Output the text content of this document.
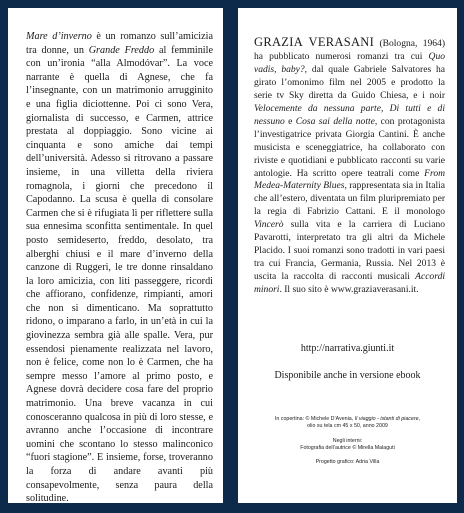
Mare d’inverno è un romanzo sull’amicizia tra donne, un Grande Freddo al femminile con un’ironia “alla Almodóvar”. La voce narrante è quella di Agnese, che fa l’insegnante, con un matrimonio arrugginito e una figlia diciottenne. Poi ci sono Vera, giornalista di successo, e Carmen, attrice prestata al doppiaggio. Sono vicine ai cinquanta e sono amiche dai tempi dell’università. Adesso si ritrovano a passare insieme, in una villetta della riviera romagnola, i giorni che precedono il Capodanno. La scusa è quella di consolare Carmen che si è rifugiata lì per riflettere sulla sua ennesima sconfitta sentimentale. In quel posto semideserto, freddo, desolato, tra alberghi chiusi e il mare d’inverno della canzone di Ruggeri, le tre donne rinsaldano la loro amicizia, con liti passeggere, ricordi che affiorano, confidenze, rimpianti, amori che non si dimenticano. Ma soprattutto ridono, o imparano a farlo, in un’età in cui la giovinezza sembra già alle spalle. Vera, pur essendosi pienamente realizzata nel lavoro, non è felice, come non lo è Carmen, che ha sempre messo l’amore al primo posto, e Agnese dovrà decidere cosa fare del proprio matrimonio. Una breve vacanza in cui conosceranno qualcosa in più di loro stesse, e avranno anche l’occasione di incontrare uomini che scontano lo stesso malinconico “fuori stagione”. E insieme, forse, troveranno la forza di andare avanti più consapevolmente, senza paura della solitudine.

GRAZIA VERASANI (Bologna, 1964) ha pubblicato numerosi romanzi tra cui Quo vadis, baby?, dal quale Gabriele Salvatores ha girato l’omonimo film nel 2005 e prodotto la serie tv Sky diretta da Guido Chiesa, e i noir Velocemente da nessuna parte, Di tutti e di nessuno e Cosa sai della notte, con protagonista l’investigatrice privata Giorgia Cantini. È anche musicista e sceneggiatrice, ha collaborato con riviste e quotidiani e pubblicato racconti su varie antologie. Ha scritto opere teatrali come From Medea-Maternity Blues, rappresentata sia in Italia che all’estero, diventata un film pluripremiato per la regia di Fabrizio Cattani. E il monologo Vincerò sulla vita e la carriera di Luciano Pavarotti, interpretato tra gli altri da Michele Placido. I suoi romanzi sono tradotti in vari paesi tra cui Francia, Germania, Russia. Nel 2013 è uscita la raccolta di racconti musicali Accordi minori. Il suo sito è www.graziaverasani.it.

http://narrativa.giunti.it
Disponibile anche in versione ebook
In copertina: © Michele D’Avenia, Il viaggio - istanti di piacere,
olio su tela cm 45 x 50, anno 2009
Negli interni:
Fotografia dell’autrice © Mirella Malaguti
Progetto grafico: Adria Villa
